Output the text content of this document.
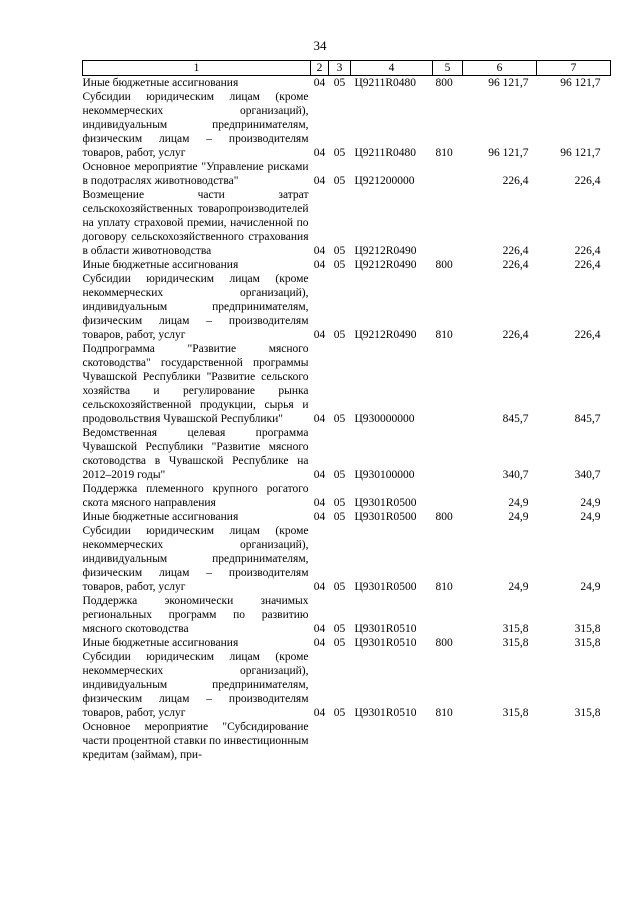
34
1	2	3	4	5	6	7
Иные бюджетные ассигнования	04	05	Ц9211R0480	800	96 121,7	96 121,7
Субсидии юридическим лицам (кроме некоммерческих организаций), индивидуальным предпринимателям, физическим лицам – производителям товаров, работ, услуг	04	05	Ц9211R0480	810	96 121,7	96 121,7
Основное мероприятие "Управление рисками в подотраслях животноводства"	04	05	Ц921200000		226,4	226,4
Возмещение части затрат сельскохозяйственных товаропроизводителей на уплату страховой премии, начисленной по договору сельскохозяйственного страхования в области животноводства	04	05	Ц9212R0490		226,4	226,4
Иные бюджетные ассигнования	04	05	Ц9212R0490	800	226,4	226,4
Субсидии юридическим лицам (кроме некоммерческих организаций), индивидуальным предпринимателям, физическим лицам – производителям товаров, работ, услуг	04	05	Ц9212R0490	810	226,4	226,4
Подпрограмма "Развитие мясного скотоводства" государственной программы Чувашской Республики "Развитие сельского хозяйства и регулирование рынка сельскохозяйственной продукции, сырья и продовольствия Чувашской Республики"	04	05	Ц930000000		845,7	845,7
Ведомственная целевая программа Чувашской Республики "Развитие мясного скотоводства в Чувашской Республике на 2012–2019 годы"	04	05	Ц930100000		340,7	340,7
Поддержка племенного крупного рогатого скота мясного направления	04	05	Ц9301R0500		24,9	24,9
Иные бюджетные ассигнования	04	05	Ц9301R0500	800	24,9	24,9
Субсидии юридическим лицам (кроме некоммерческих организаций), индивидуальным предпринимателям, физическим лицам – производителям товаров, работ, услуг	04	05	Ц9301R0500	810	24,9	24,9
Поддержка экономически значимых региональных программ по развитию мясного скотоводства	04	05	Ц9301R0510		315,8	315,8
Иные бюджетные ассигнования	04	05	Ц9301R0510	800	315,8	315,8
Субсидии юридическим лицам (кроме некоммерческих организаций), индивидуальным предпринимателям, физическим лицам – производителям товаров, работ, услуг	04	05	Ц9301R0510	810	315,8	315,8
Основное мероприятие "Субсидирование части процентной ставки по инвестиционным кредитам (займам), при-						
